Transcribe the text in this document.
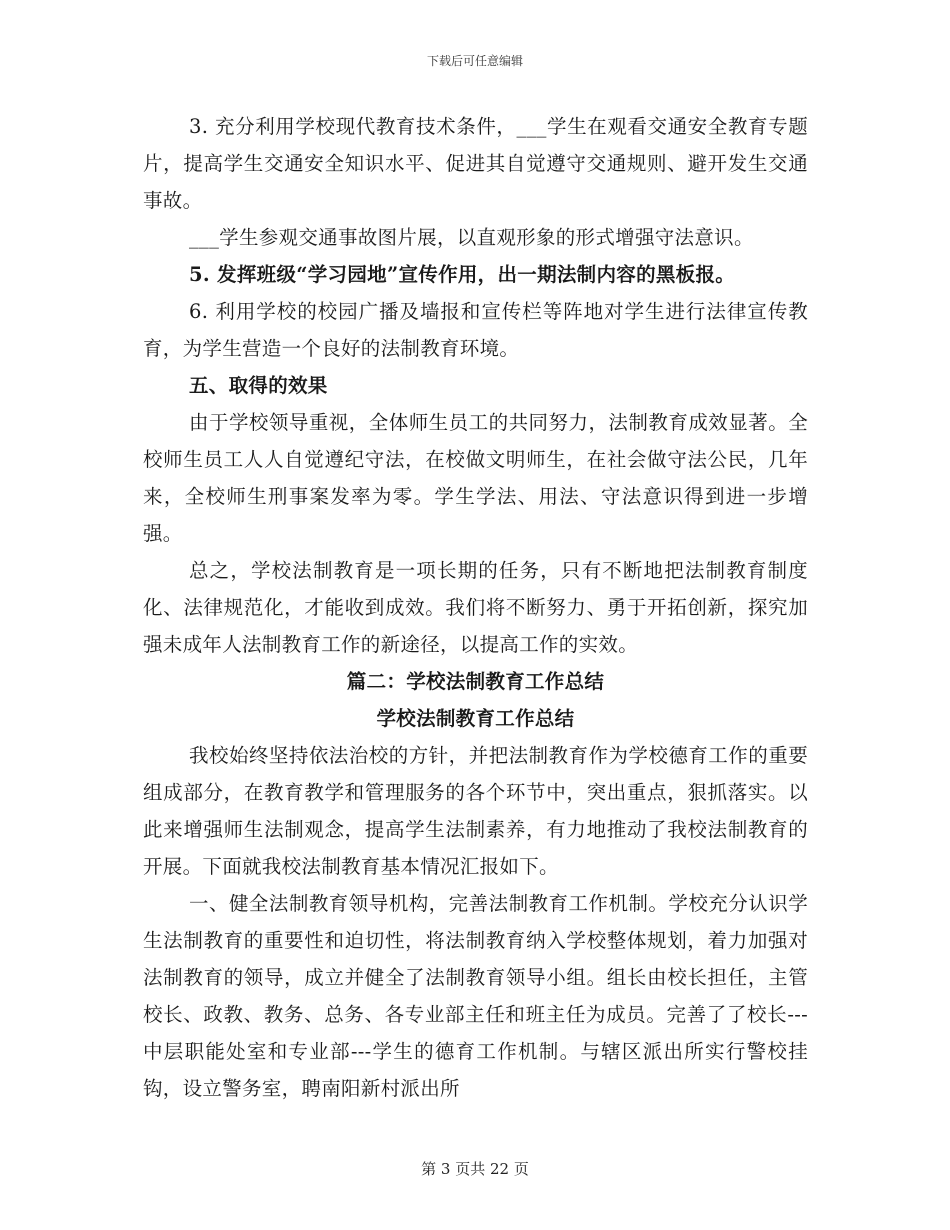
下载后可任意编辑

3. 充分利用学校现代教育技术条件，___学生在观看交通安全教育专题片，提高学生交通安全知识水平、促进其自觉遵守交通规则、避开发生交通事故。

___学生参观交通事故图片展，以直观形象的形式增强守法意识。

5. 发挥班级“学习园地”宣传作用，出一期法制内容的黑板报。

6. 利用学校的校园广播及墙报和宣传栏等阵地对学生进行法律宣传教育，为学生营造一个良好的法制教育环境。

五、取得的效果

由于学校领导重视，全体师生员工的共同努力，法制教育成效显著。全校师生员工人人自觉遵纪守法，在校做文明师生，在社会做守法公民，几年来，全校师生刑事案发率为零。学生学法、用法、守法意识得到进一步增强。

总之，学校法制教育是一项长期的任务，只有不断地把法制教育制度化、法律规范化，才能收到成效。我们将不断努力、勇于开拓创新，探究加强未成年人法制教育工作的新途径，以提高工作的实效。

篇二：学校法制教育工作总结

学校法制教育工作总结

我校始终坚持依法治校的方针，并把法制教育作为学校德育工作的重要组成部分，在教育教学和管理服务的各个环节中，突出重点，狠抓落实。以此来增强师生法制观念，提高学生法制素养，有力地推动了我校法制教育的开展。下面就我校法制教育基本情况汇报如下。

一、健全法制教育领导机构，完善法制教育工作机制。学校充分认识学生法制教育的重要性和迫切性，将法制教育纳入学校整体规划，着力加强对法制教育的领导，成立并健全了法制教育领导小组。组长由校长担任，主管校长、政教、教务、总务、各专业部主任和班主任为成员。完善了了校长---中层职能处室和专业部---学生的德育工作机制。与辖区派出所实行警校挂钩，设立警务室，聘南阳新村派出所

第 3 页共 22 页
